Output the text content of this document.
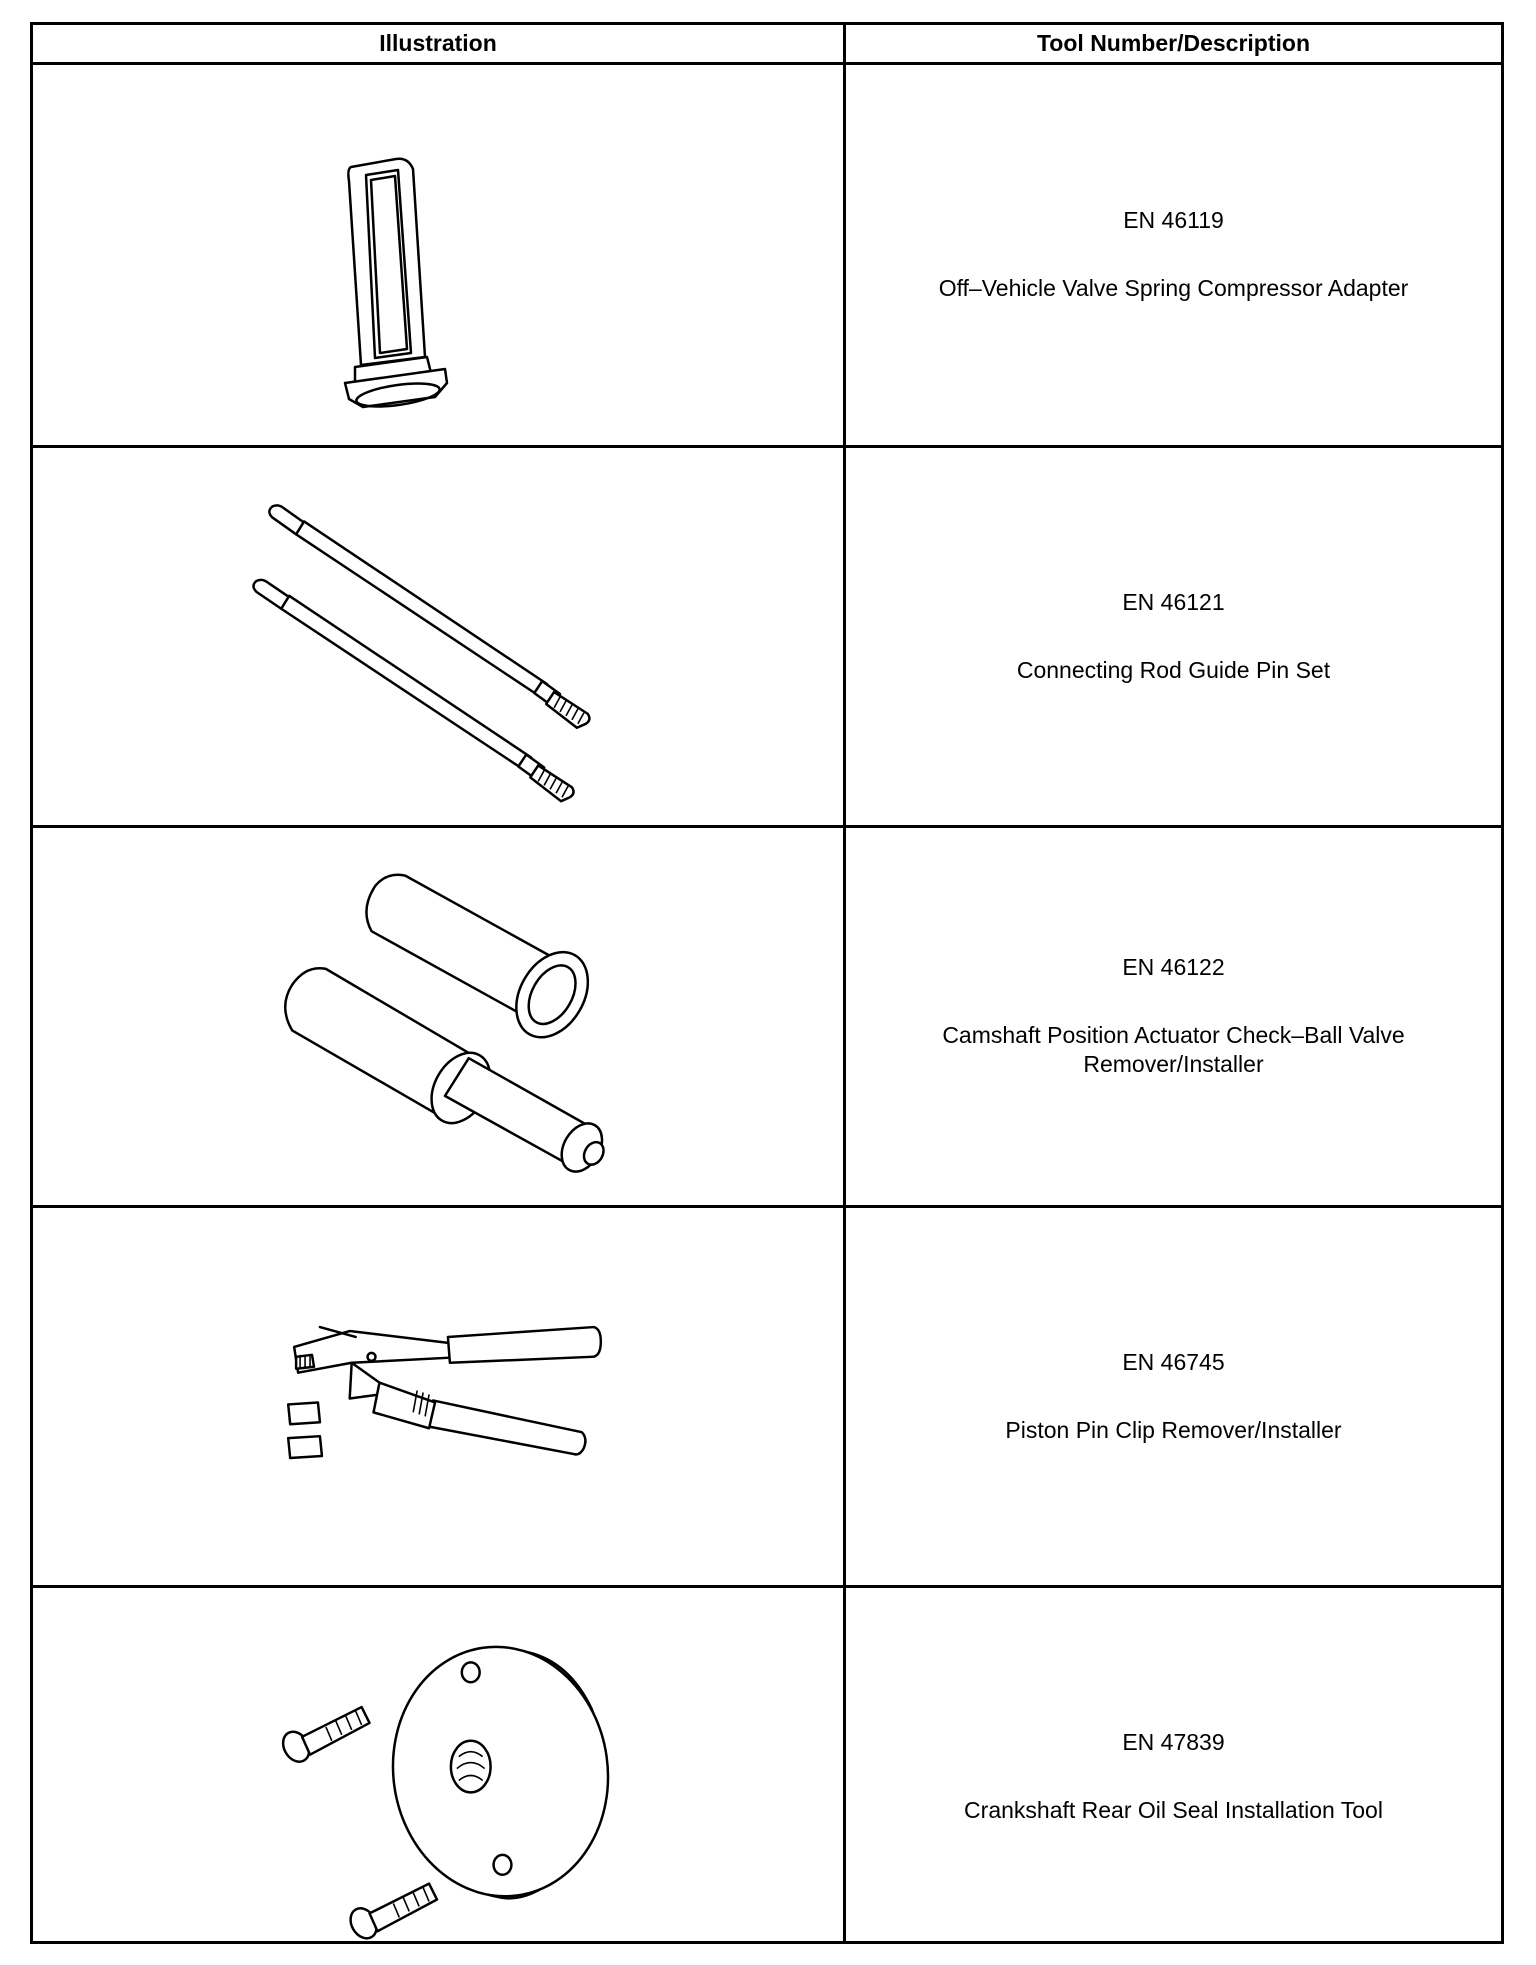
Illustration	Tool Number/Description
EN 46119
Off–Vehicle Valve Spring Compressor Adapter
EN 46121
Connecting Rod Guide Pin Set
EN 46122
Camshaft Position Actuator Check–Ball Valve Remover/Installer
EN 46745
Piston Pin Clip Remover/Installer
EN 47839
Crankshaft Rear Oil Seal Installation Tool
